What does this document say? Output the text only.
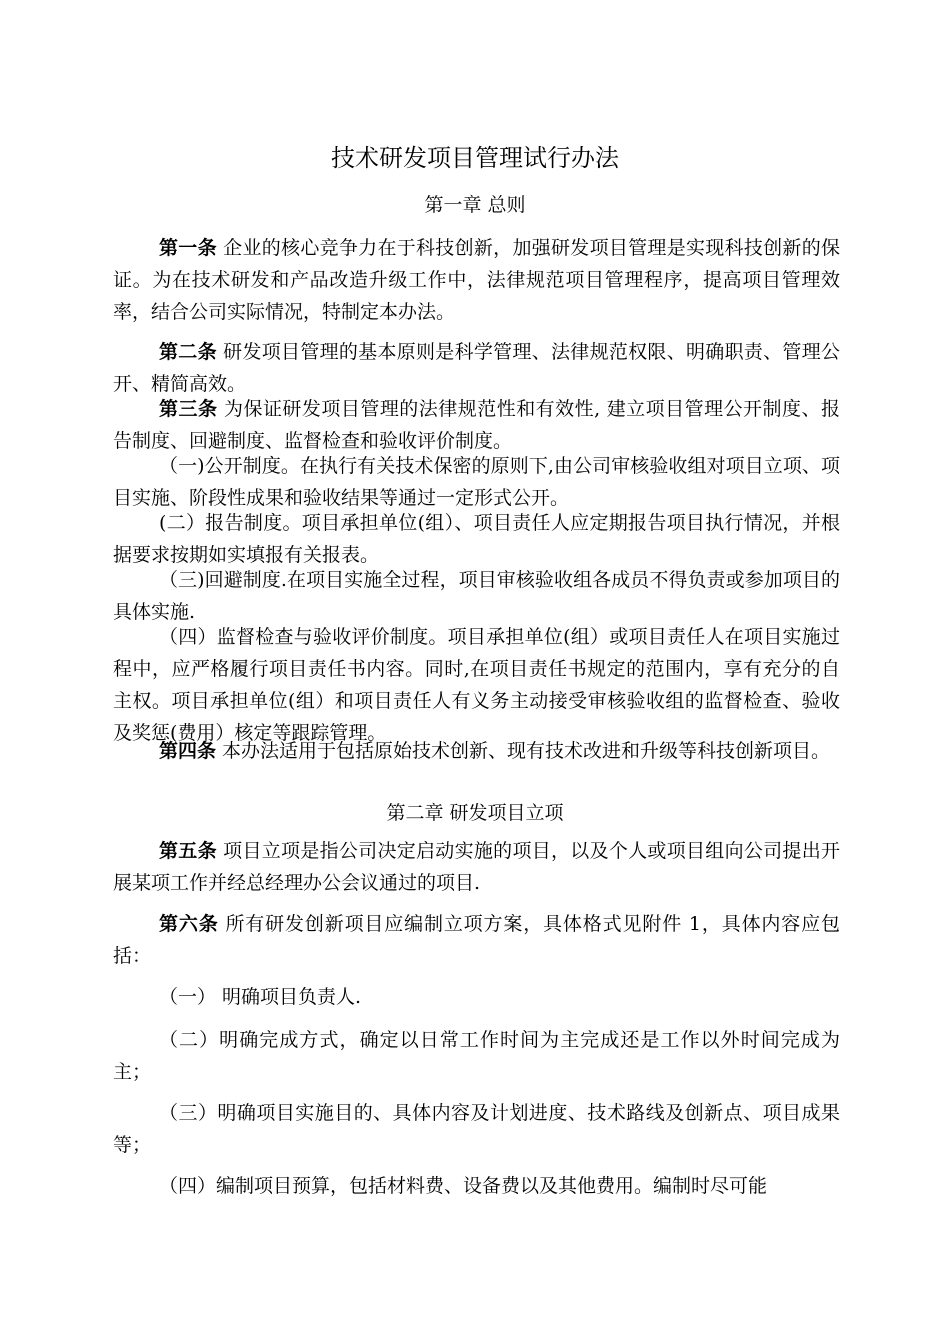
技术研发项目管理试行办法
第一章 总则
第一条 企业的核心竞争力在于科技创新，加强研发项目管理是实现科技创新的保证。为在技术研发和产品改造升级工作中，法律规范项目管理程序，提高项目管理效率，结合公司实际情况，特制定本办法。
第二条 研发项目管理的基本原则是科学管理、法律规范权限、明确职责、管理公开、精简高效。
第三条 为保证研发项目管理的法律规范性和有效性, 建立项目管理公开制度、报告制度、回避制度、监督检查和验收评价制度。
（一)公开制度。在执行有关技术保密的原则下,由公司审核验收组对项目立项、项目实施、阶段性成果和验收结果等通过一定形式公开。
(二）报告制度。项目承担单位(组）、项目责任人应定期报告项目执行情况，并根据要求按期如实填报有关报表。
（三)回避制度.在项目实施全过程，项目审核验收组各成员不得负责或参加项目的具体实施.
（四）监督检查与验收评价制度。项目承担单位(组）或项目责任人在项目实施过程中，应严格履行项目责任书内容。同时,在项目责任书规定的范围内，享有充分的自主权。项目承担单位(组）和项目责任人有义务主动接受审核验收组的监督检查、验收及奖惩(费用）核定等跟踪管理。
第四条 本办法适用于包括原始技术创新、现有技术改进和升级等科技创新项目。
第二章 研发项目立项
第五条 项目立项是指公司决定启动实施的项目，以及个人或项目组向公司提出开展某项工作并经总经理办公会议通过的项目.
第六条 所有研发创新项目应编制立项方案，具体格式见附件 1，具体内容应包括：
（一） 明确项目负责人.
（二）明确完成方式，确定以日常工作时间为主完成还是工作以外时间完成为主；
（三）明确项目实施目的、具体内容及计划进度、技术路线及创新点、项目成果等；
（四）编制项目预算，包括材料费、设备费以及其他费用。编制时尽可能
